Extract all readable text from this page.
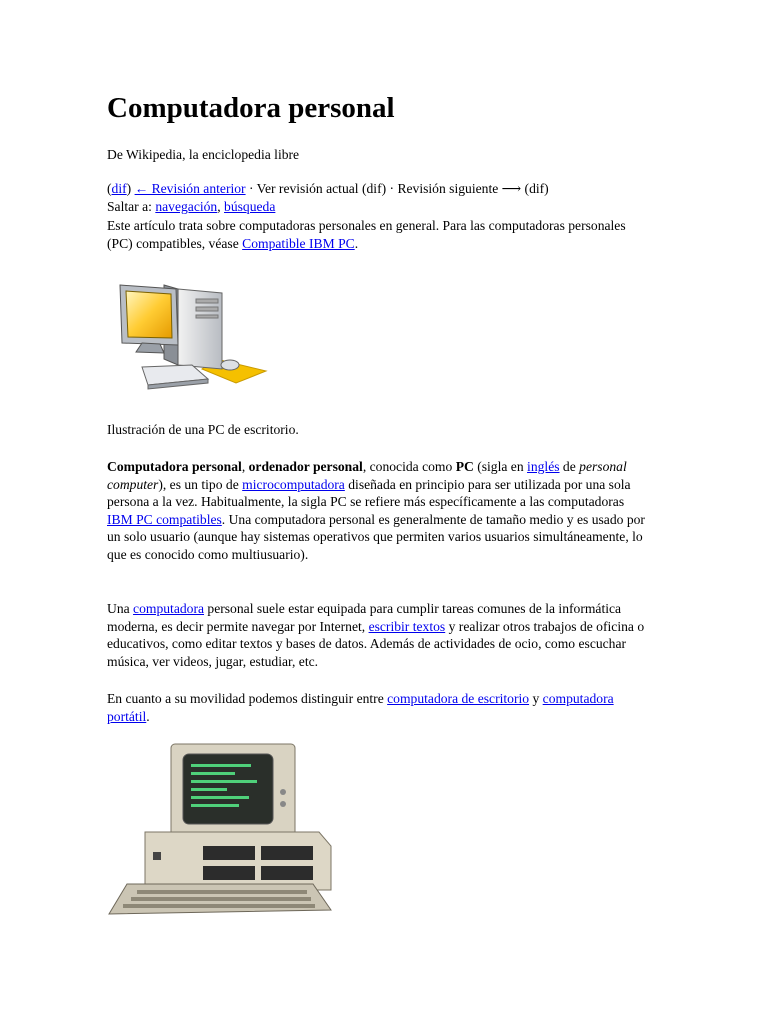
Computadora personal
De Wikipedia, la enciclopedia libre
(dif) ← Revisión anterior · Ver revisión actual (dif) · Revisión siguiente ⟶ (dif)
Saltar a: navegación, búsqueda
Este artículo trata sobre computadoras personales en general. Para las computadoras personales (PC) compatibles, véase Compatible IBM PC.
Ilustración de una PC de escritorio.
Computadora personal, ordenador personal, conocida como PC (sigla en inglés de personal computer), es un tipo de microcomputadora diseñada en principio para ser utilizada por una sola persona a la vez. Habitualmente, la sigla PC se refiere más específicamente a las computadoras IBM PC compatibles. Una computadora personal es generalmente de tamaño medio y es usado por un solo usuario (aunque hay sistemas operativos que permiten varios usuarios simultáneamente, lo que es conocido como multiusuario).
Una computadora personal suele estar equipada para cumplir tareas comunes de la informática moderna, es decir permite navegar por Internet, escribir textos y realizar otros trabajos de oficina o educativos, como editar textos y bases de datos. Además de actividades de ocio, como escuchar música, ver videos, jugar, estudiar, etc.
En cuanto a su movilidad podemos distinguir entre computadora de escritorio y computadora portátil.
